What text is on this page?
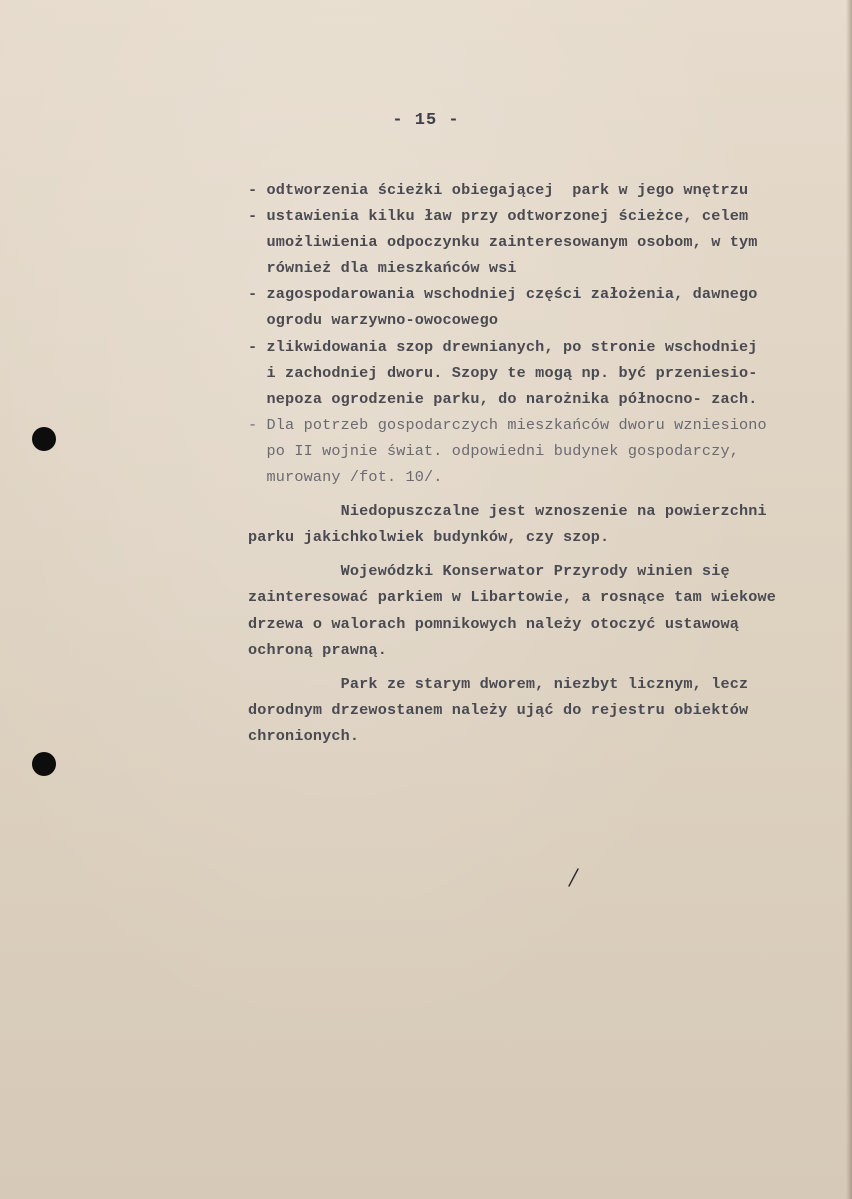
- 15 -
- odtworzenia ścieżki obiegającej  park w jego wnętrzu
- ustawienia kilku ław przy odtworzonej ścieżce, celem
umożliwienia odpoczynku zainteresowanym osobom, w tym
również dla mieszkańców wsi
- zagospodarowania wschodniej części założenia, dawnego
ogrodu warzywno-owocowego
- zlikwidowania szop drewnianych, po stronie wschodniej
i zachodniej dworu. Szopy te mogą np. być przeniesio-
nepoza ogrodzenie parku, do narożnika północno- zach.
- Dla potrzeb gospodarczych mieszkańców dworu wzniesiono
po II wojnie świat. odpowiedni budynek gospodarczy,
murowany /fot. 10/.
Niedopuszczalne jest wznoszenie na powierzchni
parku jakichkolwiek budynków, czy szop.
Wojewódzki Konserwator Przyrody winien się
zainteresować parkiem w Libartowie, a rosnące tam wiekowe
drzewa o walorach pomnikowych należy otoczyć ustawową
ochroną prawną.
Park ze starym dworem, niezbyt licznym, lecz
dorodnym drzewostanem należy ująć do rejestru obiektów
chronionych.
